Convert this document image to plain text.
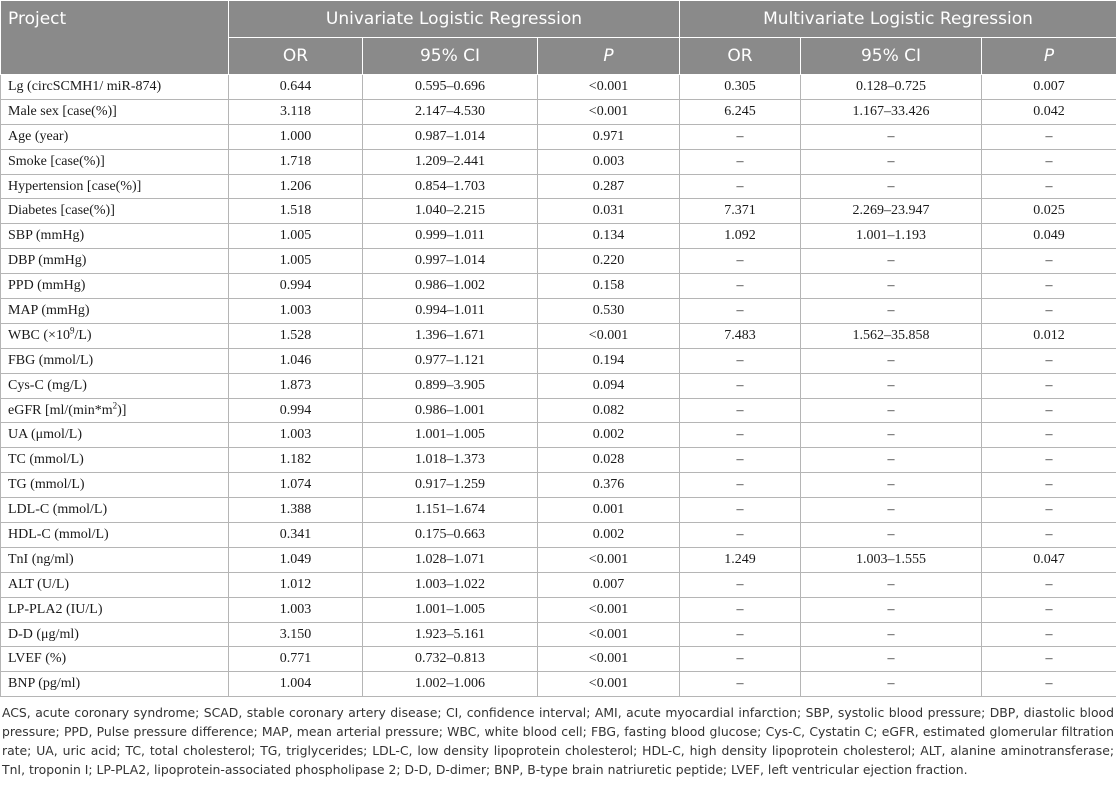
Project	Univariate Logistic Regression			Multivariate Logistic Regression		
	OR	95% CI	P	OR	95% CI	P
Lg (circSCMH1/ miR-874)	0.644	0.595–0.696	<0.001	0.305	0.128–0.725	0.007
Male sex [case(%)]	3.118	2.147–4.530	<0.001	6.245	1.167–33.426	0.042
Age (year)	1.000	0.987–1.014	0.971	–	–	–
Smoke [case(%)]	1.718	1.209–2.441	0.003	–	–	–
Hypertension [case(%)]	1.206	0.854–1.703	0.287	–	–	–
Diabetes [case(%)]	1.518	1.040–2.215	0.031	7.371	2.269–23.947	0.025
SBP (mmHg)	1.005	0.999–1.011	0.134	1.092	1.001–1.193	0.049
DBP (mmHg)	1.005	0.997–1.014	0.220	–	–	–
PPD (mmHg)	0.994	0.986–1.002	0.158	–	–	–
MAP (mmHg)	1.003	0.994–1.011	0.530	–	–	–
WBC $(\times 10^9/L)$	1.528	1.396–1.671	<0.001	7.483	1.562–35.858	0.012
FBG (mmol/L)	1.046	0.977–1.121	0.194	–	–	–
Cys-C (mg/L)	1.873	0.899–3.905	0.094	–	–	–
eGFR $[ml/(\min*m^2)]$	0.994	0.986–1.001	0.082	–	–	–
UA (μmol/L)	1.003	1.001–1.005	0.002	–	–	–
TC (mmol/L)	1.182	1.018–1.373	0.028	–	–	–
TG (mmol/L)	1.074	0.917–1.259	0.376	–	–	–
LDL-C (mmol/L)	1.388	1.151–1.674	0.001	–	–	–
HDL-C (mmol/L)	0.341	0.175–0.663	0.002	–	–	–
TnI (ng/ml)	1.049	1.028–1.071	<0.001	1.249	1.003–1.555	0.047
ALT (U/L)	1.012	1.003–1.022	0.007	–	–	–
LP-PLA2 (IU/L)	1.003	1.001–1.005	<0.001	–	–	–
D-D (μg/ml)	3.150	1.923–5.161	<0.001	–	–	–
LVEF (%)	0.771	0.732–0.813	<0.001	–	–	–
BNP (pg/ml)	1.004	1.002–1.006	<0.001	–	–	–
ACS, acute coronary syndrome; SCAD, stable coronary artery disease; CI, confidence interval; AMI, acute myocardial infarction; SBP, systolic blood pressure; DBP, diastolic blood pressure; PPD, Pulse pressure difference; MAP, mean arterial pressure; WBC, white blood cell; FBG, fasting blood glucose; Cys-C, Cystatin C; eGFR, estimated glomerular filtration rate; UA, uric acid; TC, total cholesterol; TG, triglycerides; LDL-C, low density lipoprotein cholesterol; HDL-C, high density lipoprotein cholesterol; ALT, alanine aminotransferase; TnI, troponin I; LP-PLA2, lipoprotein-associated phospholipase 2; D-D, D-dimer; BNP, B-type brain natriuretic peptide; LVEF, left ventricular ejection fraction.
